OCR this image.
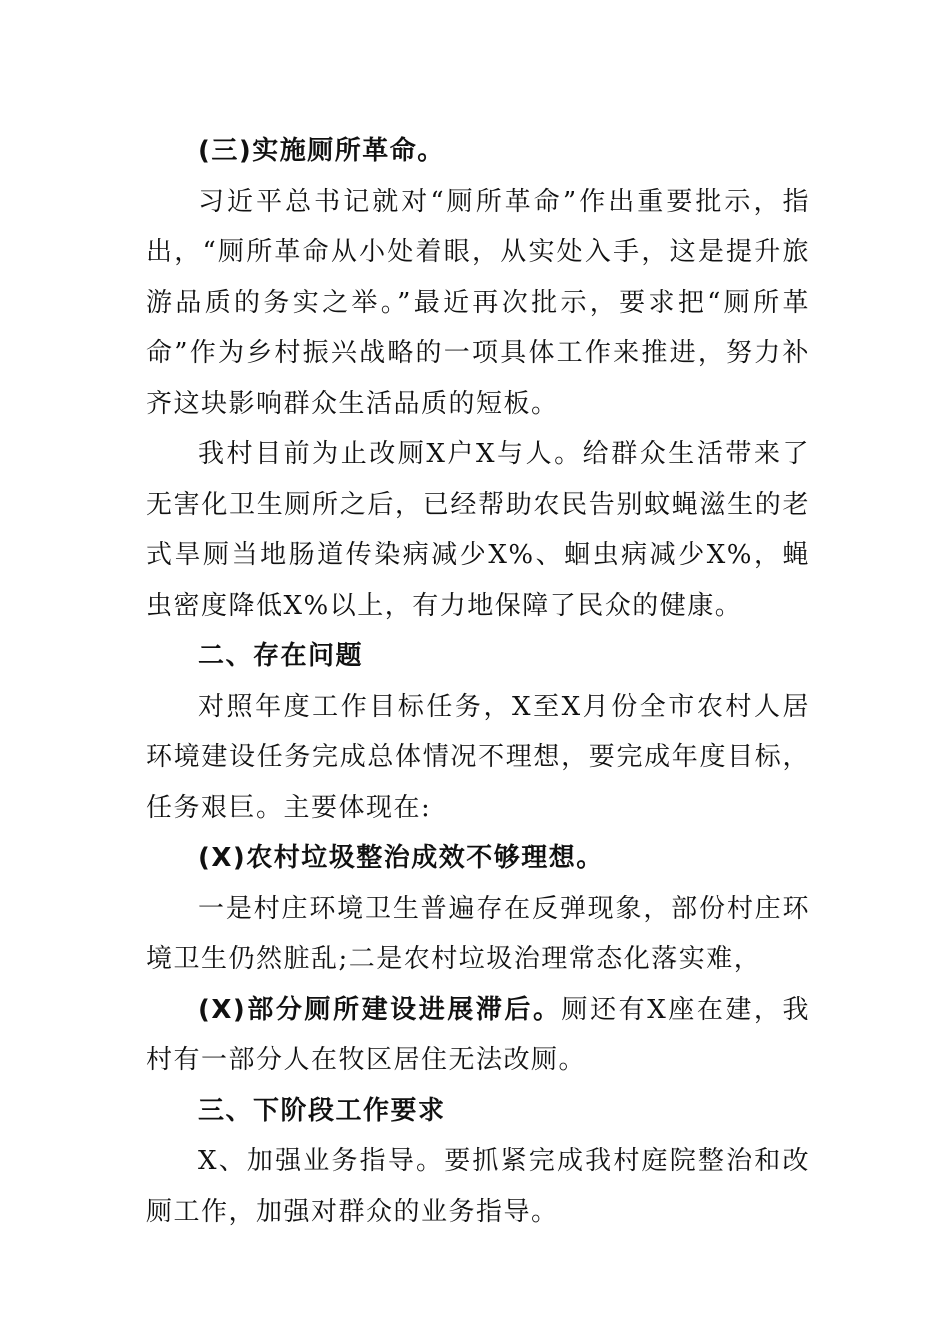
(三)实施厕所革命。

习近平总书记就对“厕所革命”作出重要批示，指出，“厕所革命从小处着眼，从实处入手，这是提升旅游品质的务实之举。”最近再次批示，要求把“厕所革命”作为乡村振兴战略的一项具体工作来推进，努力补齐这块影响群众生活品质的短板。

我村目前为止改厕X户X与人。给群众生活带来了无害化卫生厕所之后，已经帮助农民告别蚊蝇滋生的老式旱厕当地肠道传染病减少X%、蛔虫病减少X%，蝇虫密度降低X%以上，有力地保障了民众的健康。

二、存在问题

对照年度工作目标任务，X至X月份全市农村人居环境建设任务完成总体情况不理想，要完成年度目标，任务艰巨。主要体现在:

(X)农村垃圾整治成效不够理想。

一是村庄环境卫生普遍存在反弹现象，部份村庄环境卫生仍然脏乱;二是农村垃圾治理常态化落实难，

(X)部分厕所建设进展滞后。厕还有X座在建，我村有一部分人在牧区居住无法改厕。

三、下阶段工作要求

X、加强业务指导。要抓紧完成我村庭院整治和改厕工作，加强对群众的业务指导。
